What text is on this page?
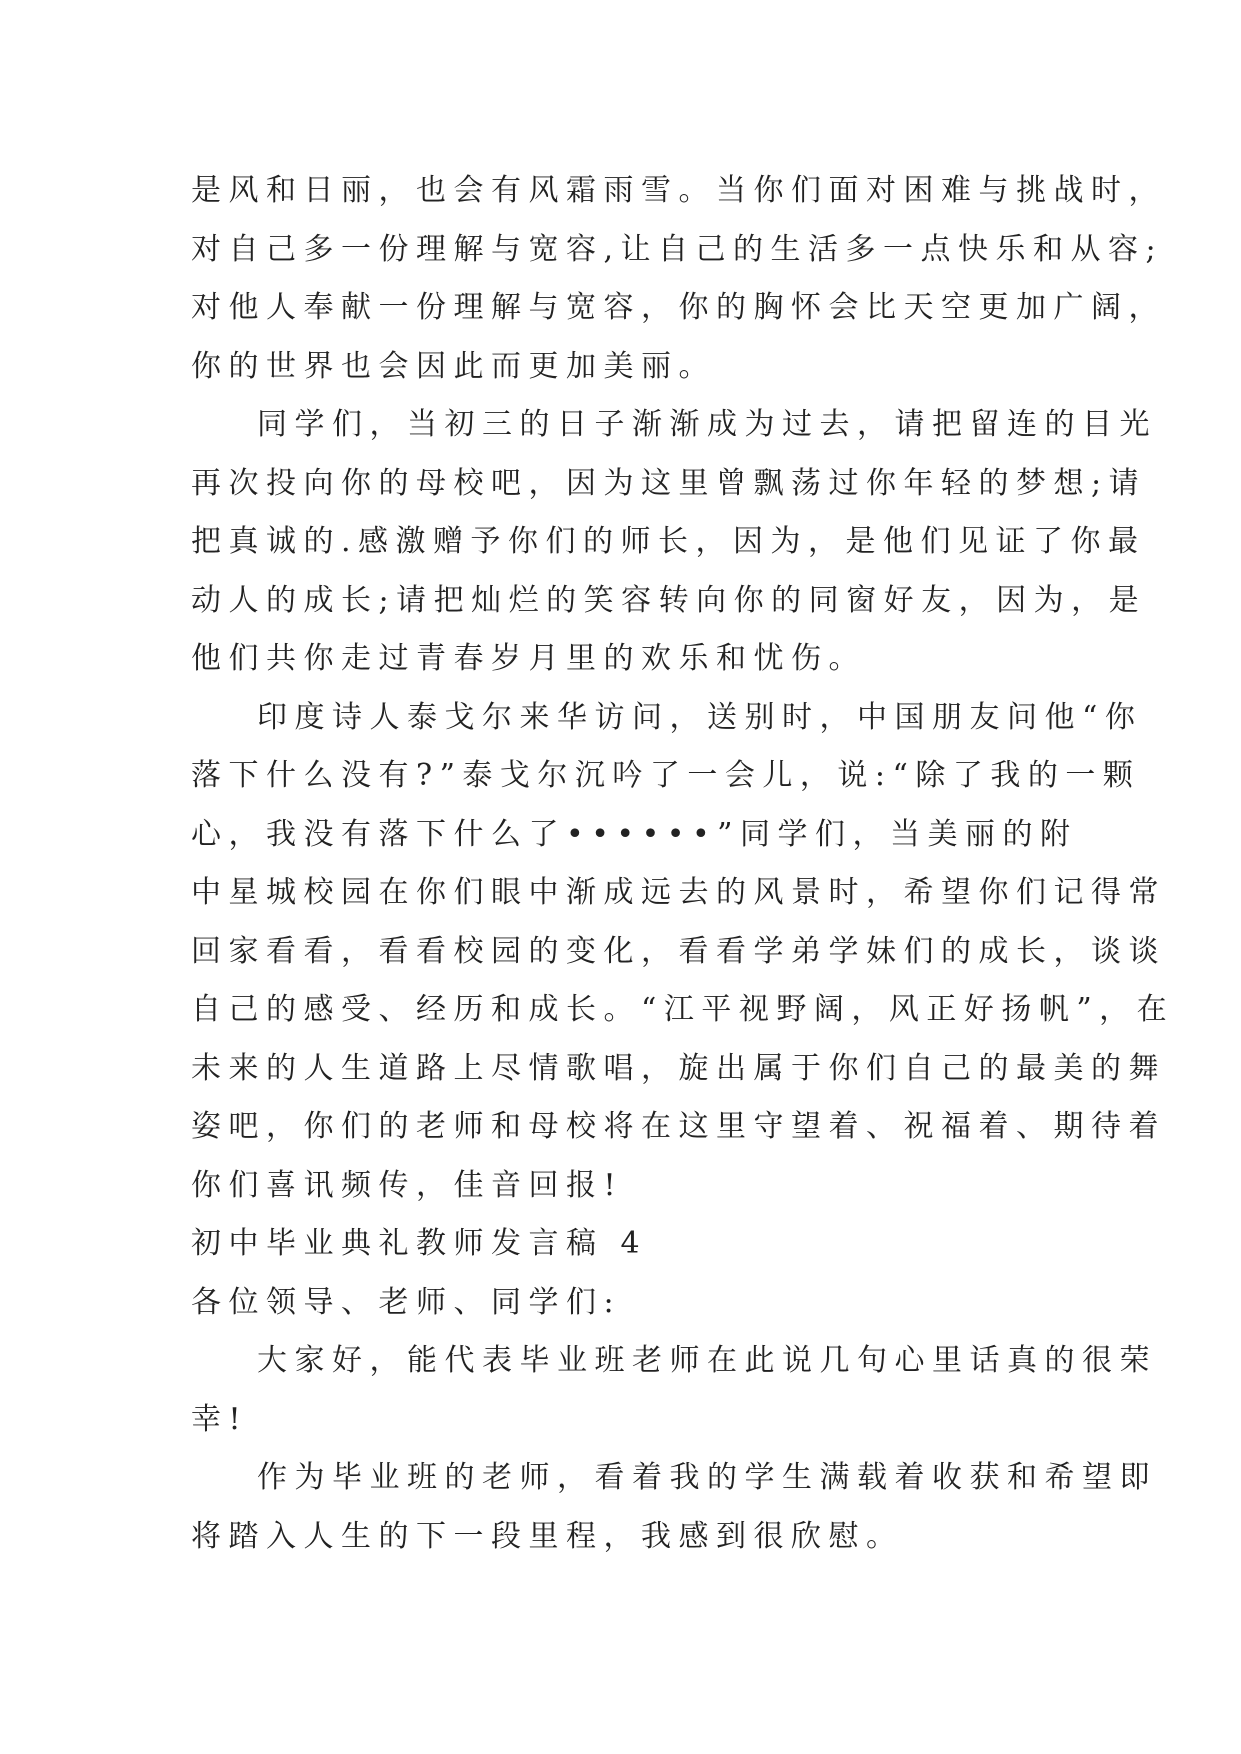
是风和日丽，也会有风霜雨雪。当你们面对困难与挑战时，
对自己多一份理解与宽容,让自己的生活多一点快乐和从容;
对他人奉献一份理解与宽容，你的胸怀会比天空更加广阔，
你的世界也会因此而更加美丽。
同学们，当初三的日子渐渐成为过去，请把留连的目光
再次投向你的母校吧，因为这里曾飘荡过你年轻的梦想;请
把真诚的.感激赠予你们的师长，因为，是他们见证了你最
动人的成长;请把灿烂的笑容转向你的同窗好友，因为，是
他们共你走过青春岁月里的欢乐和忧伤。
印度诗人泰戈尔来华访问，送别时，中国朋友问他“你
落下什么没有?”泰戈尔沉吟了一会儿，说:“除了我的一颗
心，我没有落下什么了••••••”同学们，当美丽的附
中星城校园在你们眼中渐成远去的风景时，希望你们记得常
回家看看，看看校园的变化，看看学弟学妹们的成长，谈谈
自己的感受、经历和成长。“江平视野阔，风正好扬帆”，在
未来的人生道路上尽情歌唱，旋出属于你们自己的最美的舞
姿吧，你们的老师和母校将在这里守望着、祝福着、期待着
你们喜讯频传，佳音回报!
初中毕业典礼教师发言稿 4
各位领导、老师、同学们:
大家好，能代表毕业班老师在此说几句心里话真的很荣
幸!
作为毕业班的老师，看着我的学生满载着收获和希望即
将踏入人生的下一段里程，我感到很欣慰。
